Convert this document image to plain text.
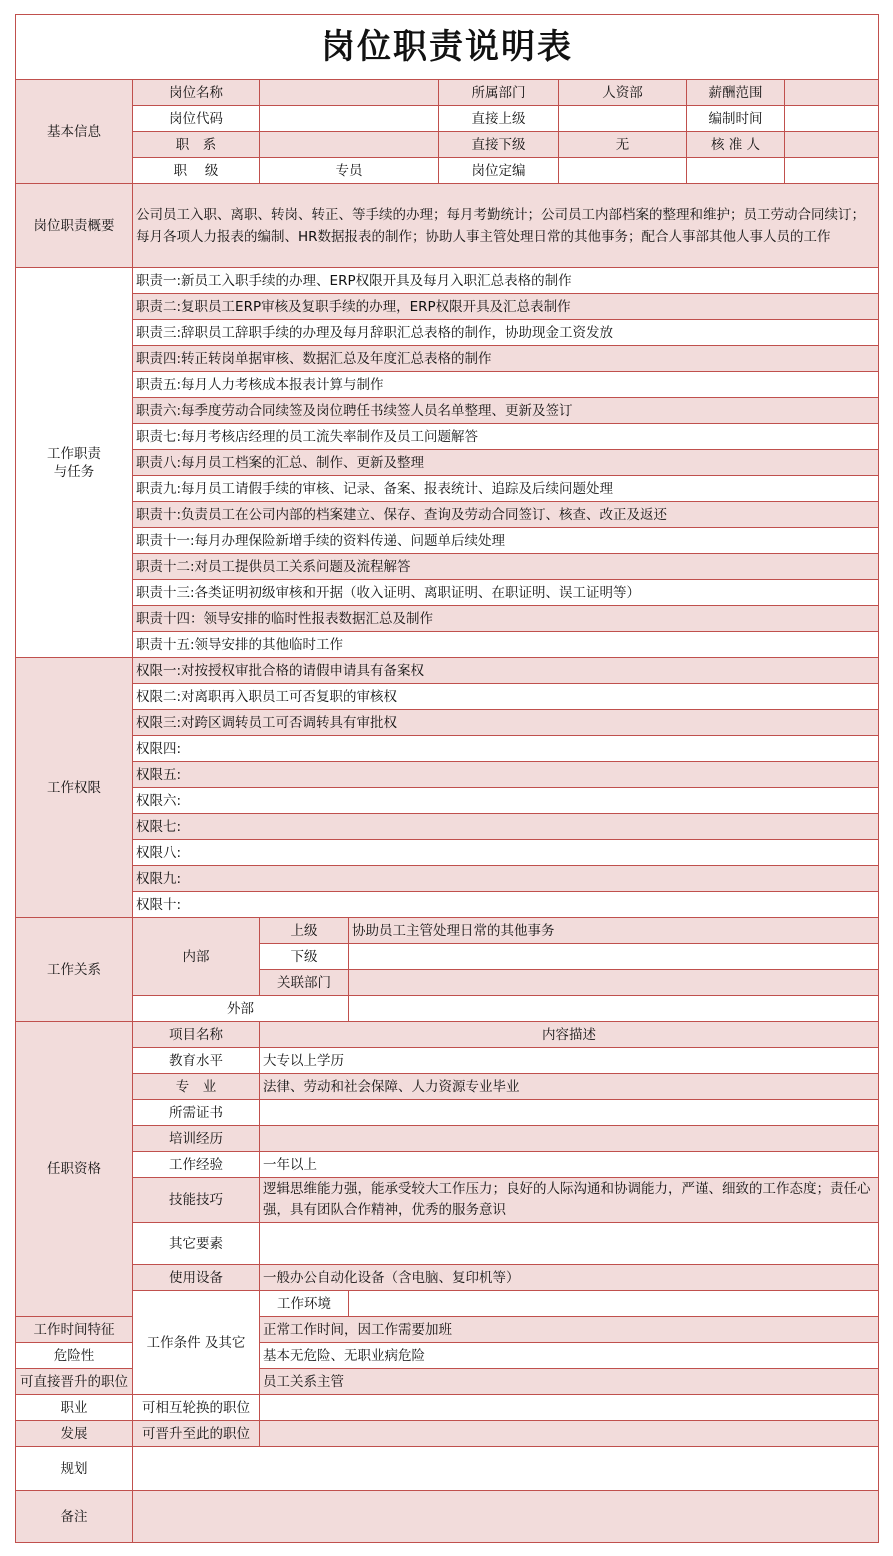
岗位职责说明表							
基本信息	岗位名称			所属部门	人资部	薪酬范围	
	岗位代码			直接上级		编制时间	
	职　系			直接下级	无	核 准 人	
	职　 级	专员		岗位定编			
岗位职责概要	公司员工入职、离职、转岗、转正、等手续的办理；每月考勤统计；公司员工内部档案的整理和维护；员工劳动合同续订；每月各项人力报表的编制、HR数据报表的制作；协助人事主管处理日常的其他事务；配合人事部其他人事人员的工作						

工作职责
与任务	职责一:新员工入职手续的办理、ERP权限开具及每月入职汇总表格的制作						
	职责二:复职员工ERP审核及复职手续的办理，ERP权限开具及汇总表制作						
	职责三:辞职员工辞职手续的办理及每月辞职汇总表格的制作，协助现金工资发放						
	职责四:转正转岗单据审核、数据汇总及年度汇总表格的制作						
	职责五:每月人力考核成本报表计算与制作						
	职责六:每季度劳动合同续签及岗位聘任书续签人员名单整理、更新及签订						
	职责七:每月考核店经理的员工流失率制作及员工问题解答						
	职责八:每月员工档案的汇总、制作、更新及整理						
	职责九:每月员工请假手续的审核、记录、备案、报表统计、追踪及后续问题处理						
	职责十:负责员工在公司内部的档案建立、保存、查询及劳动合同签订、核查、改正及返还						
	职责十一:每月办理保险新增手续的资料传递、问题单后续处理						
	职责十二:对员工提供员工关系问题及流程解答						
	职责十三:各类证明初级审核和开据（收入证明、离职证明、在职证明、误工证明等）						
	职责十四：领导安排的临时性报表数据汇总及制作						
	职责十五:领导安排的其他临时工作						
工作权限	权限一:对按授权审批合格的请假申请具有备案权						
	权限二:对离职再入职员工可否复职的审核权						
	权限三:对跨区调转员工可否调转具有审批权						
	权限四:						
	权限五:						
	权限六:						
	权限七:						
	权限八:						
	权限九:						
	权限十:						
工作关系	内部	上级	协助员工主管处理日常的其他事务				
		下级					
		关联部门					
	外部						
任职资格	项目名称	内容描述					
	教育水平	大专以上学历					
	专　业	法律、劳动和社会保障、人力资源专业毕业					
	所需证书						
	培训经历						
	工作经验	一年以上					
	技能技巧	逻辑思维能力强，能承受较大工作压力；良好的人际沟通和协调能力，严谨、细致的工作态度；责任心强，具有团队合作精神，优秀的服务意识					
	其它要素						
	使用设备	一般办公自动化设备（含电脑、复印机等）					
	工作条件 及其它	工作环境					
工作时间特征		正常工作时间，因工作需要加班					
危险性		基本无危险、无职业病危险					
可直接晋升的职位		员工关系主管					
职业	可相互轮换的职位						
发展	可晋升至此的职位						
规划							
备注							
